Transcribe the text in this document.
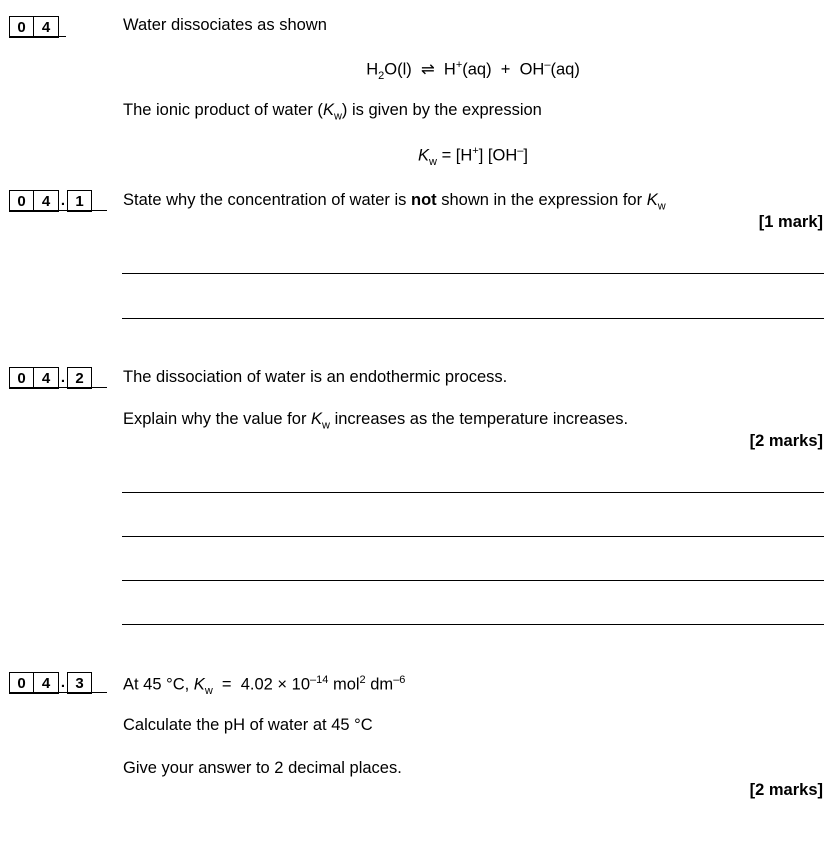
0	4	Water dissociates as shown
$H_2O(l)$ ⇌ H+(aq) + OH–(aq)
The ionic product of water $(K_w)$ is given by the expression
$K_w = [H^+]$ [OH–]
0	4 . 1	State why the concentration of water is not shown in the expression for $K_w$
[1 mark]
0	4 . 2	The dissociation of water is an endothermic process.
Explain why the value for $K_w$ increases as the temperature increases.
[2 marks]
0	4 . 3	At 45 °C, $K_w = 4.02 \times 10^{-14}$ mol$^2$ $dm^{-6}$
Calculate the pH of water at 45 °C
Give your answer to 2 decimal places.
[2 marks]
